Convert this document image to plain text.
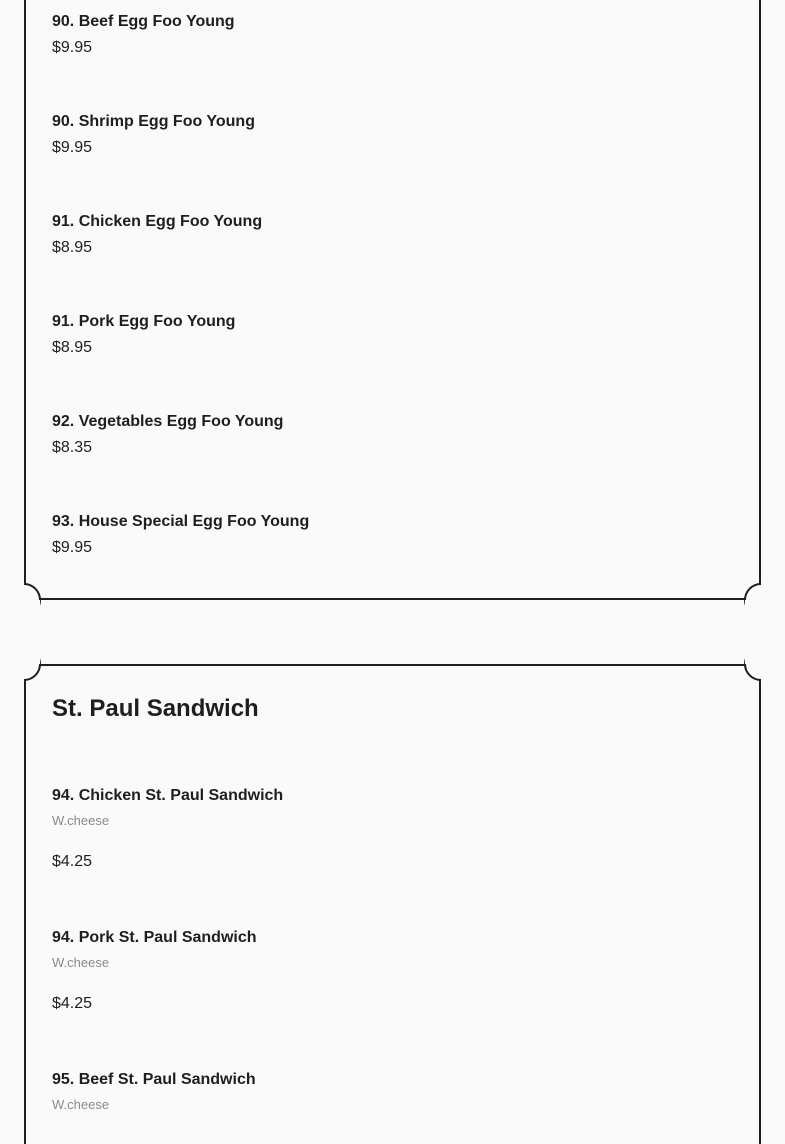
90. Beef Egg Foo Young
$9.95
90. Shrimp Egg Foo Young
$9.95
91. Chicken Egg Foo Young
$8.95
91. Pork Egg Foo Young
$8.95
92. Vegetables Egg Foo Young
$8.35
93. House Special Egg Foo Young
$9.95
St. Paul Sandwich
94. Chicken St. Paul Sandwich
W.cheese
$4.25
94. Pork St. Paul Sandwich
W.cheese
$4.25
95. Beef St. Paul Sandwich
W.cheese
